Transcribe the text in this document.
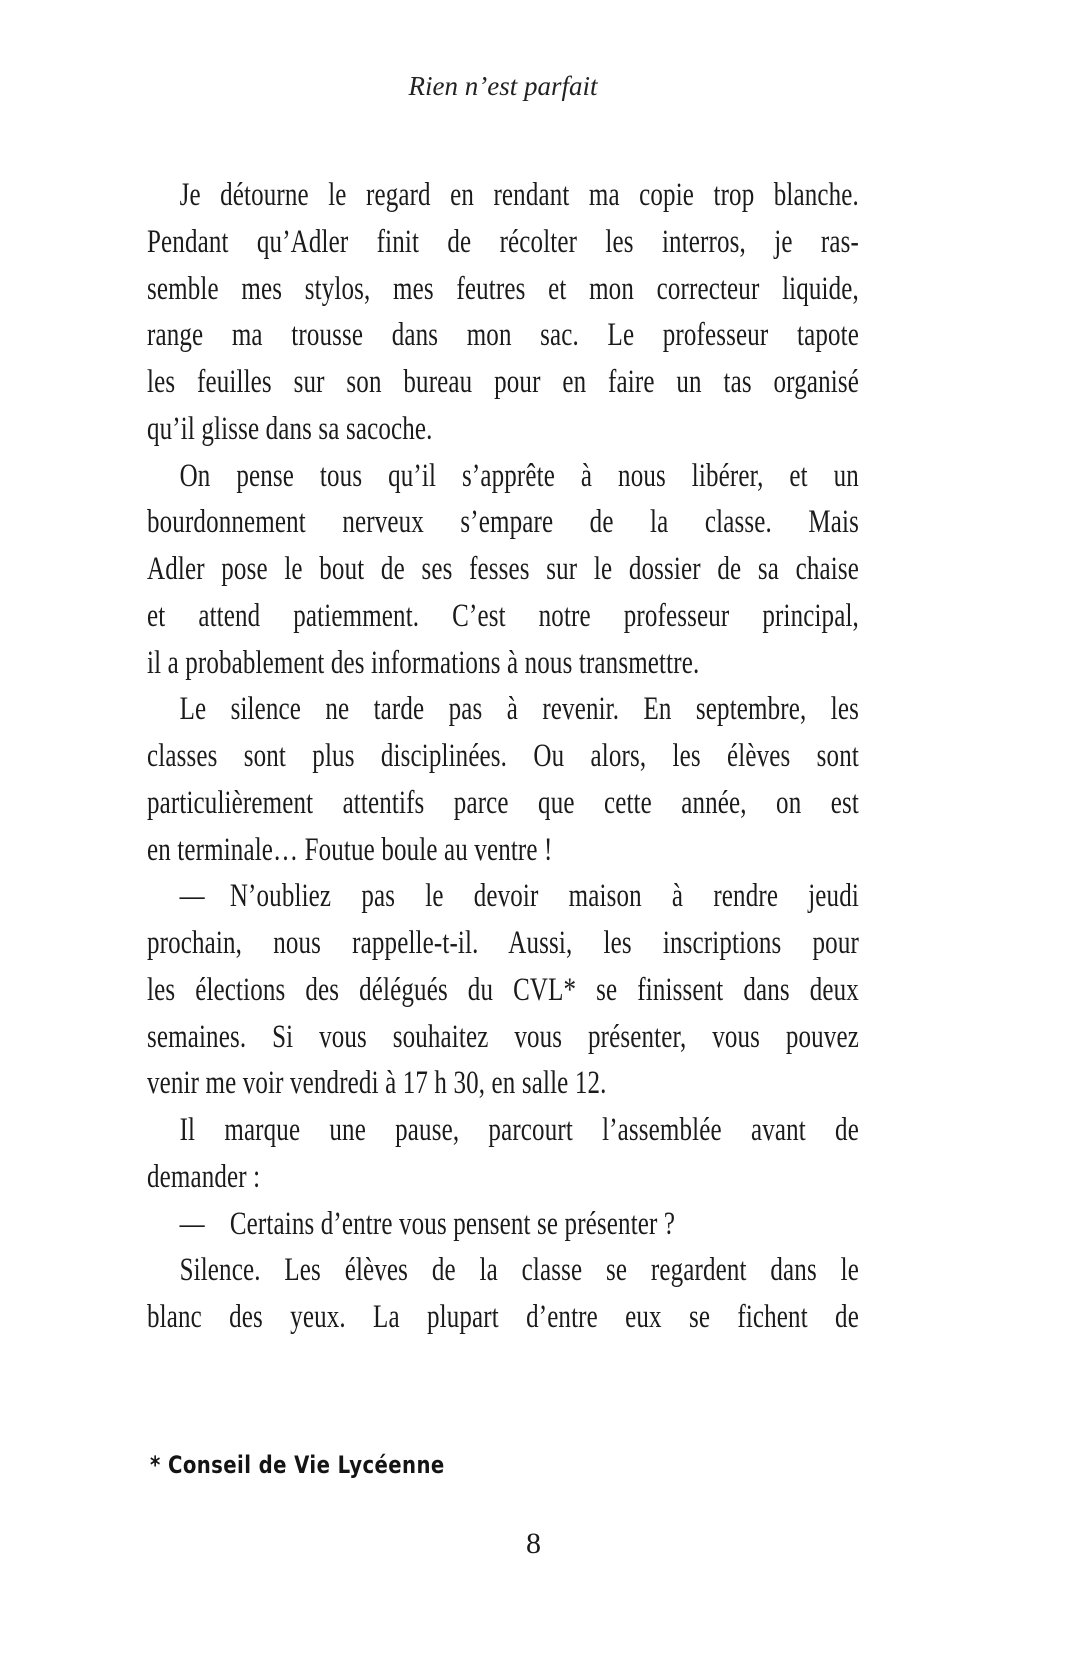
Rien n’est parfait
Je détourne le regard en rendant ma copie trop blanche.
Pendant qu’Adler finit de récolter les interros, je ras-
semble mes stylos, mes feutres et mon correcteur liquide,
range ma trousse dans mon sac. Le professeur tapote
les feuilles sur son bureau pour en faire un tas organisé
qu’il glisse dans sa sacoche.
On pense tous qu’il s’apprête à nous libérer, et un
bourdonnement nerveux s’empare de la classe. Mais
Adler pose le bout de ses fesses sur le dossier de sa chaise
et attend patiemment. C’est notre professeur principal,
il a probablement des informations à nous transmettre.
Le silence ne tarde pas à revenir. En septembre, les
classes sont plus disciplinées. Ou alors, les élèves sont
particulièrement attentifs parce que cette année, on est
en terminale… Foutue boule au ventre !
— N’oubliez pas le devoir maison à rendre jeudi
prochain, nous rappelle-t-il. Aussi, les inscriptions pour
les élections des délégués du CVL* se finissent dans deux
semaines. Si vous souhaitez vous présenter, vous pouvez
venir me voir vendredi à 17 h 30, en salle 12.
Il marque une pause, parcourt l’assemblée avant de
demander :
— Certains d’entre vous pensent se présenter ?
Silence. Les élèves de la classe se regardent dans le
blanc des yeux. La plupart d’entre eux se fichent de
* Conseil de Vie Lycéenne
8
